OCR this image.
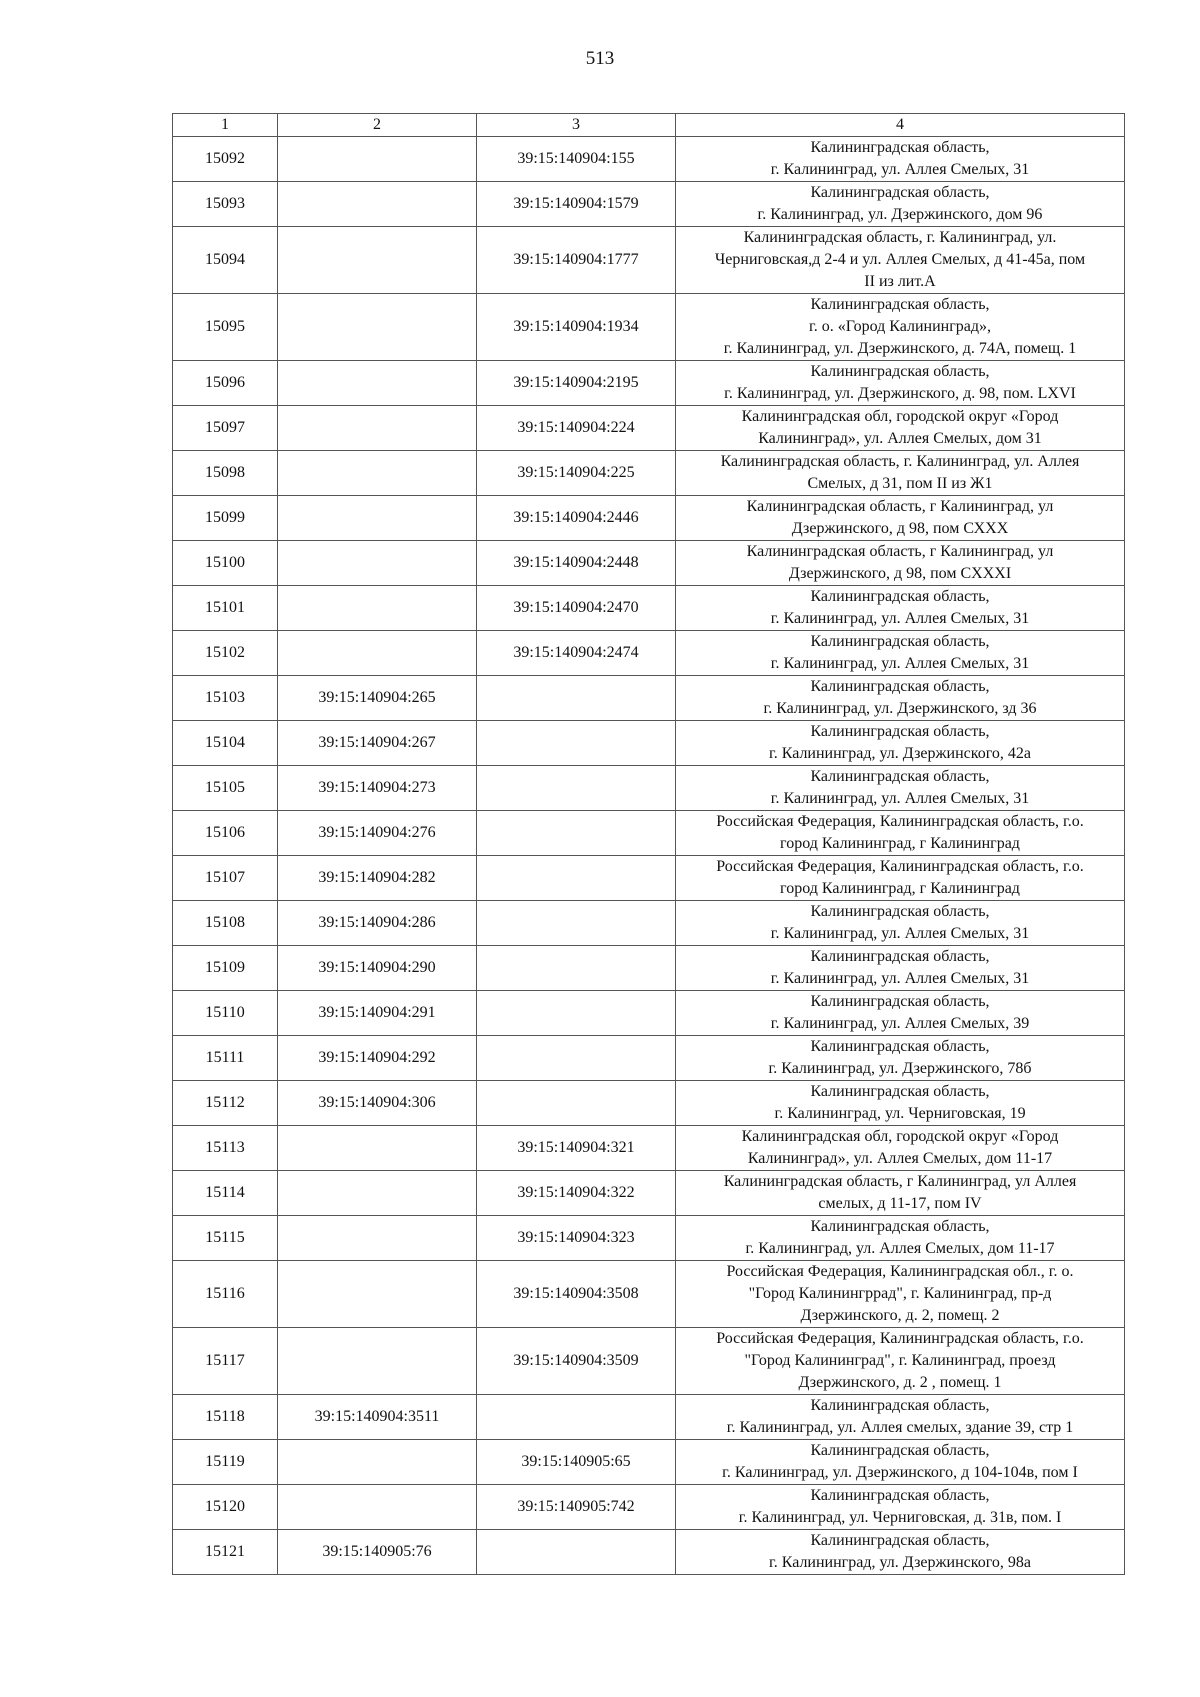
513
1	2	3	4
15092		39:15:140904:155	Калининградская область,
г. Калининград, ул. Аллея Смелых, 31
15093		39:15:140904:1579	Калининградская область,
г. Калининград, ул. Дзержинского, дом 96
15094		39:15:140904:1777	Калининградская область, г. Калининград, ул.
Черниговская,д 2-4 и ул. Аллея Смелых, д 41-45а, пом
II из лит.А
15095		39:15:140904:1934	Калининградская область,
г. о. «Город Калининград»,
г. Калининград, ул. Дзержинского, д. 74А, помещ. 1
15096		39:15:140904:2195	Калининградская область,
г. Калининград, ул. Дзержинского, д. 98, пом. LXVI
15097		39:15:140904:224	Калининградская обл, городской округ «Город
Калининград», ул. Аллея Смелых, дом 31
15098		39:15:140904:225	Калининградская область, г. Калининград, ул. Аллея
Смелых, д 31, пом II из Ж1
15099		39:15:140904:2446	Калининградская область, г Калининград, ул
Дзержинского, д 98, пом СХХХ
15100		39:15:140904:2448	Калининградская область, г Калининград, ул
Дзержинского, д 98, пом CXXXI
15101		39:15:140904:2470	Калининградская область,
г. Калининград, ул. Аллея Смелых, 31
15102		39:15:140904:2474	Калининградская область,
г. Калининград, ул. Аллея Смелых, 31
15103	39:15:140904:265		Калининградская область,
г. Калининград, ул. Дзержинского, зд 36
15104	39:15:140904:267		Калининградская область,
г. Калининград, ул. Дзержинского, 42а
15105	39:15:140904:273		Калининградская область,
г. Калининград, ул. Аллея Смелых, 31
15106	39:15:140904:276		Российская Федерация, Калининградская область, г.о.
город Калининград, г Калининград
15107	39:15:140904:282		Российская Федерация, Калининградская область, г.о.
город Калининград, г Калининград
15108	39:15:140904:286		Калининградская область,
г. Калининград, ул. Аллея Смелых, 31
15109	39:15:140904:290		Калининградская область,
г. Калининград, ул. Аллея Смелых, 31
15110	39:15:140904:291		Калининградская область,
г. Калининград, ул. Аллея Смелых, 39
15111	39:15:140904:292		Калининградская область,
г. Калининград, ул. Дзержинского, 78б
15112	39:15:140904:306		Калининградская область,
г. Калининград, ул. Черниговская, 19
15113		39:15:140904:321	Калининградская обл, городской округ «Город
Калининград», ул. Аллея Смелых, дом 11-17
15114		39:15:140904:322	Калининградская область, г Калининград, ул Аллея
смелых, д 11-17, пом IV
15115		39:15:140904:323	Калининградская область,
г. Калининград, ул. Аллея Смелых, дом 11-17
15116		39:15:140904:3508	Российская Федерация, Калининградская обл., г. о.
"Город Калинингррад", г. Калининград, пр-д
Дзержинского, д. 2, помещ. 2
15117		39:15:140904:3509	Российская Федерация, Калининградская область, г.о.
"Город Калининград", г. Калининград, проезд
Дзержинского, д. 2 , помещ. 1
15118	39:15:140904:3511		Калининградская область,
г. Калининград, ул. Аллея смелых, здание 39, стр 1
15119		39:15:140905:65	Калининградская область,
г. Калининград, ул. Дзержинского, д 104-104в, пом I
15120		39:15:140905:742	Калининградская область,
г. Калининград, ул. Черниговская, д. 31в, пом. I
15121	39:15:140905:76		Калининградская область,
г. Калининград, ул. Дзержинского, 98а
